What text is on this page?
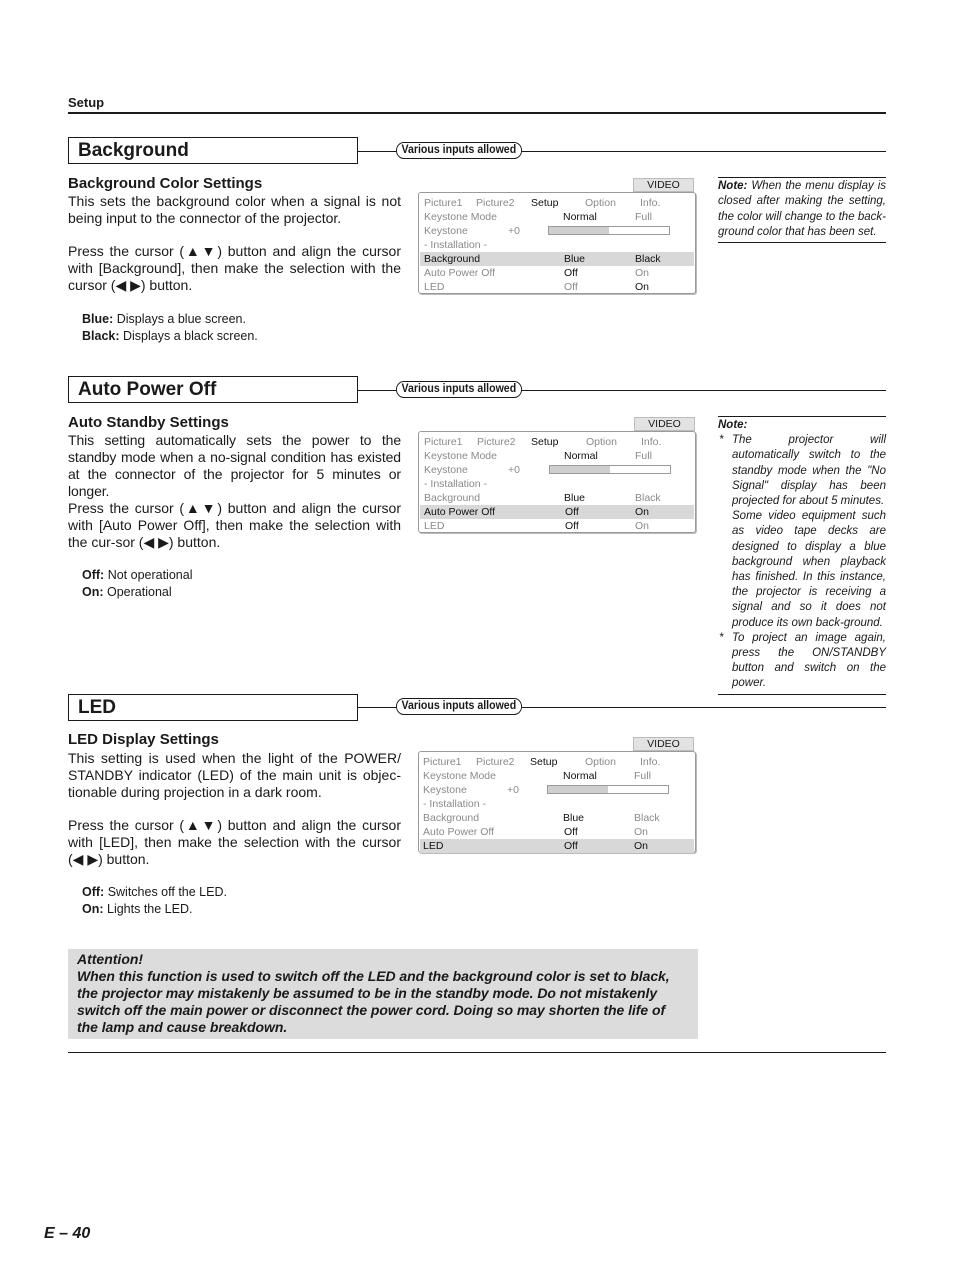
Setup
Background	Various inputs allowed
Background Color Settings
This sets the background color when a signal is not being input to the connector of the projector.
Press the cursor (▲▼) button and align the cursor with [Background], then make the selection with the cursor (◀ ▶) button.
Blue: Displays a blue screen.
Black: Displays a black screen.
VIDEO
Picture1 Picture2 Setup	Option Info.
Keystone Mode	Normal	Full
Keystone	+0
- Installation -
Background	Blue	Black
Auto Power Off	Off	On
LED	Off	On
Note: When the menu display is closed after making the setting, the color will change to the back-ground color that has been set.
Auto Power Off	Various inputs allowed
Auto Standby Settings
This setting automatically sets the power to the standby mode when a no-signal condition has existed at the connector of the projector for 5 minutes or longer.
Press the cursor (▲▼) button and align the cursor with [Auto Power Off], then make the selection with the cur-sor (◀ ▶) button.
Off: Not operational
On: Operational
VIDEO
Picture1 Picture2 Setup	Option Info.
Keystone Mode	Normal	Full
Keystone	+0
- Installation -
Background	Blue	Black
Auto Power Off	Off	On
LED	Off	On
Note:
* The projector will automatically switch to the standby mode when the "No Signal" display has been projected for about 5 minutes.
Some video equipment such as video tape decks are designed to display a blue background when playback has finished. In this instance, the projector is receiving a signal and so it does not produce its own back-ground.
* To project an image again, press the ON/STANDBY button and switch on the power.
LED	Various inputs allowed
LED Display Settings
This setting is used when the light of the POWER/ STANDBY indicator (LED) of the main unit is objec-tionable during projection in a dark room.
Press the cursor (▲▼) button and align the cursor with [LED], then make the selection with the cursor (◀ ▶) button.
Off: Switches off the LED.
On: Lights the LED.
VIDEO
Picture1 Picture2 Setup	Option Info.
Keystone Mode	Normal	Full
Keystone	+0
- Installation -
Background	Blue	Black
Auto Power Off	Off	On
LED	Off	On
Attention!
When this function is used to switch off the LED and the background color is set to black, the projector may mistakenly be assumed to be in the standby mode. Do not mistakenly switch off the main power or disconnect the power cord. Doing so may shorten the life of the lamp and cause breakdown.
E – 40
